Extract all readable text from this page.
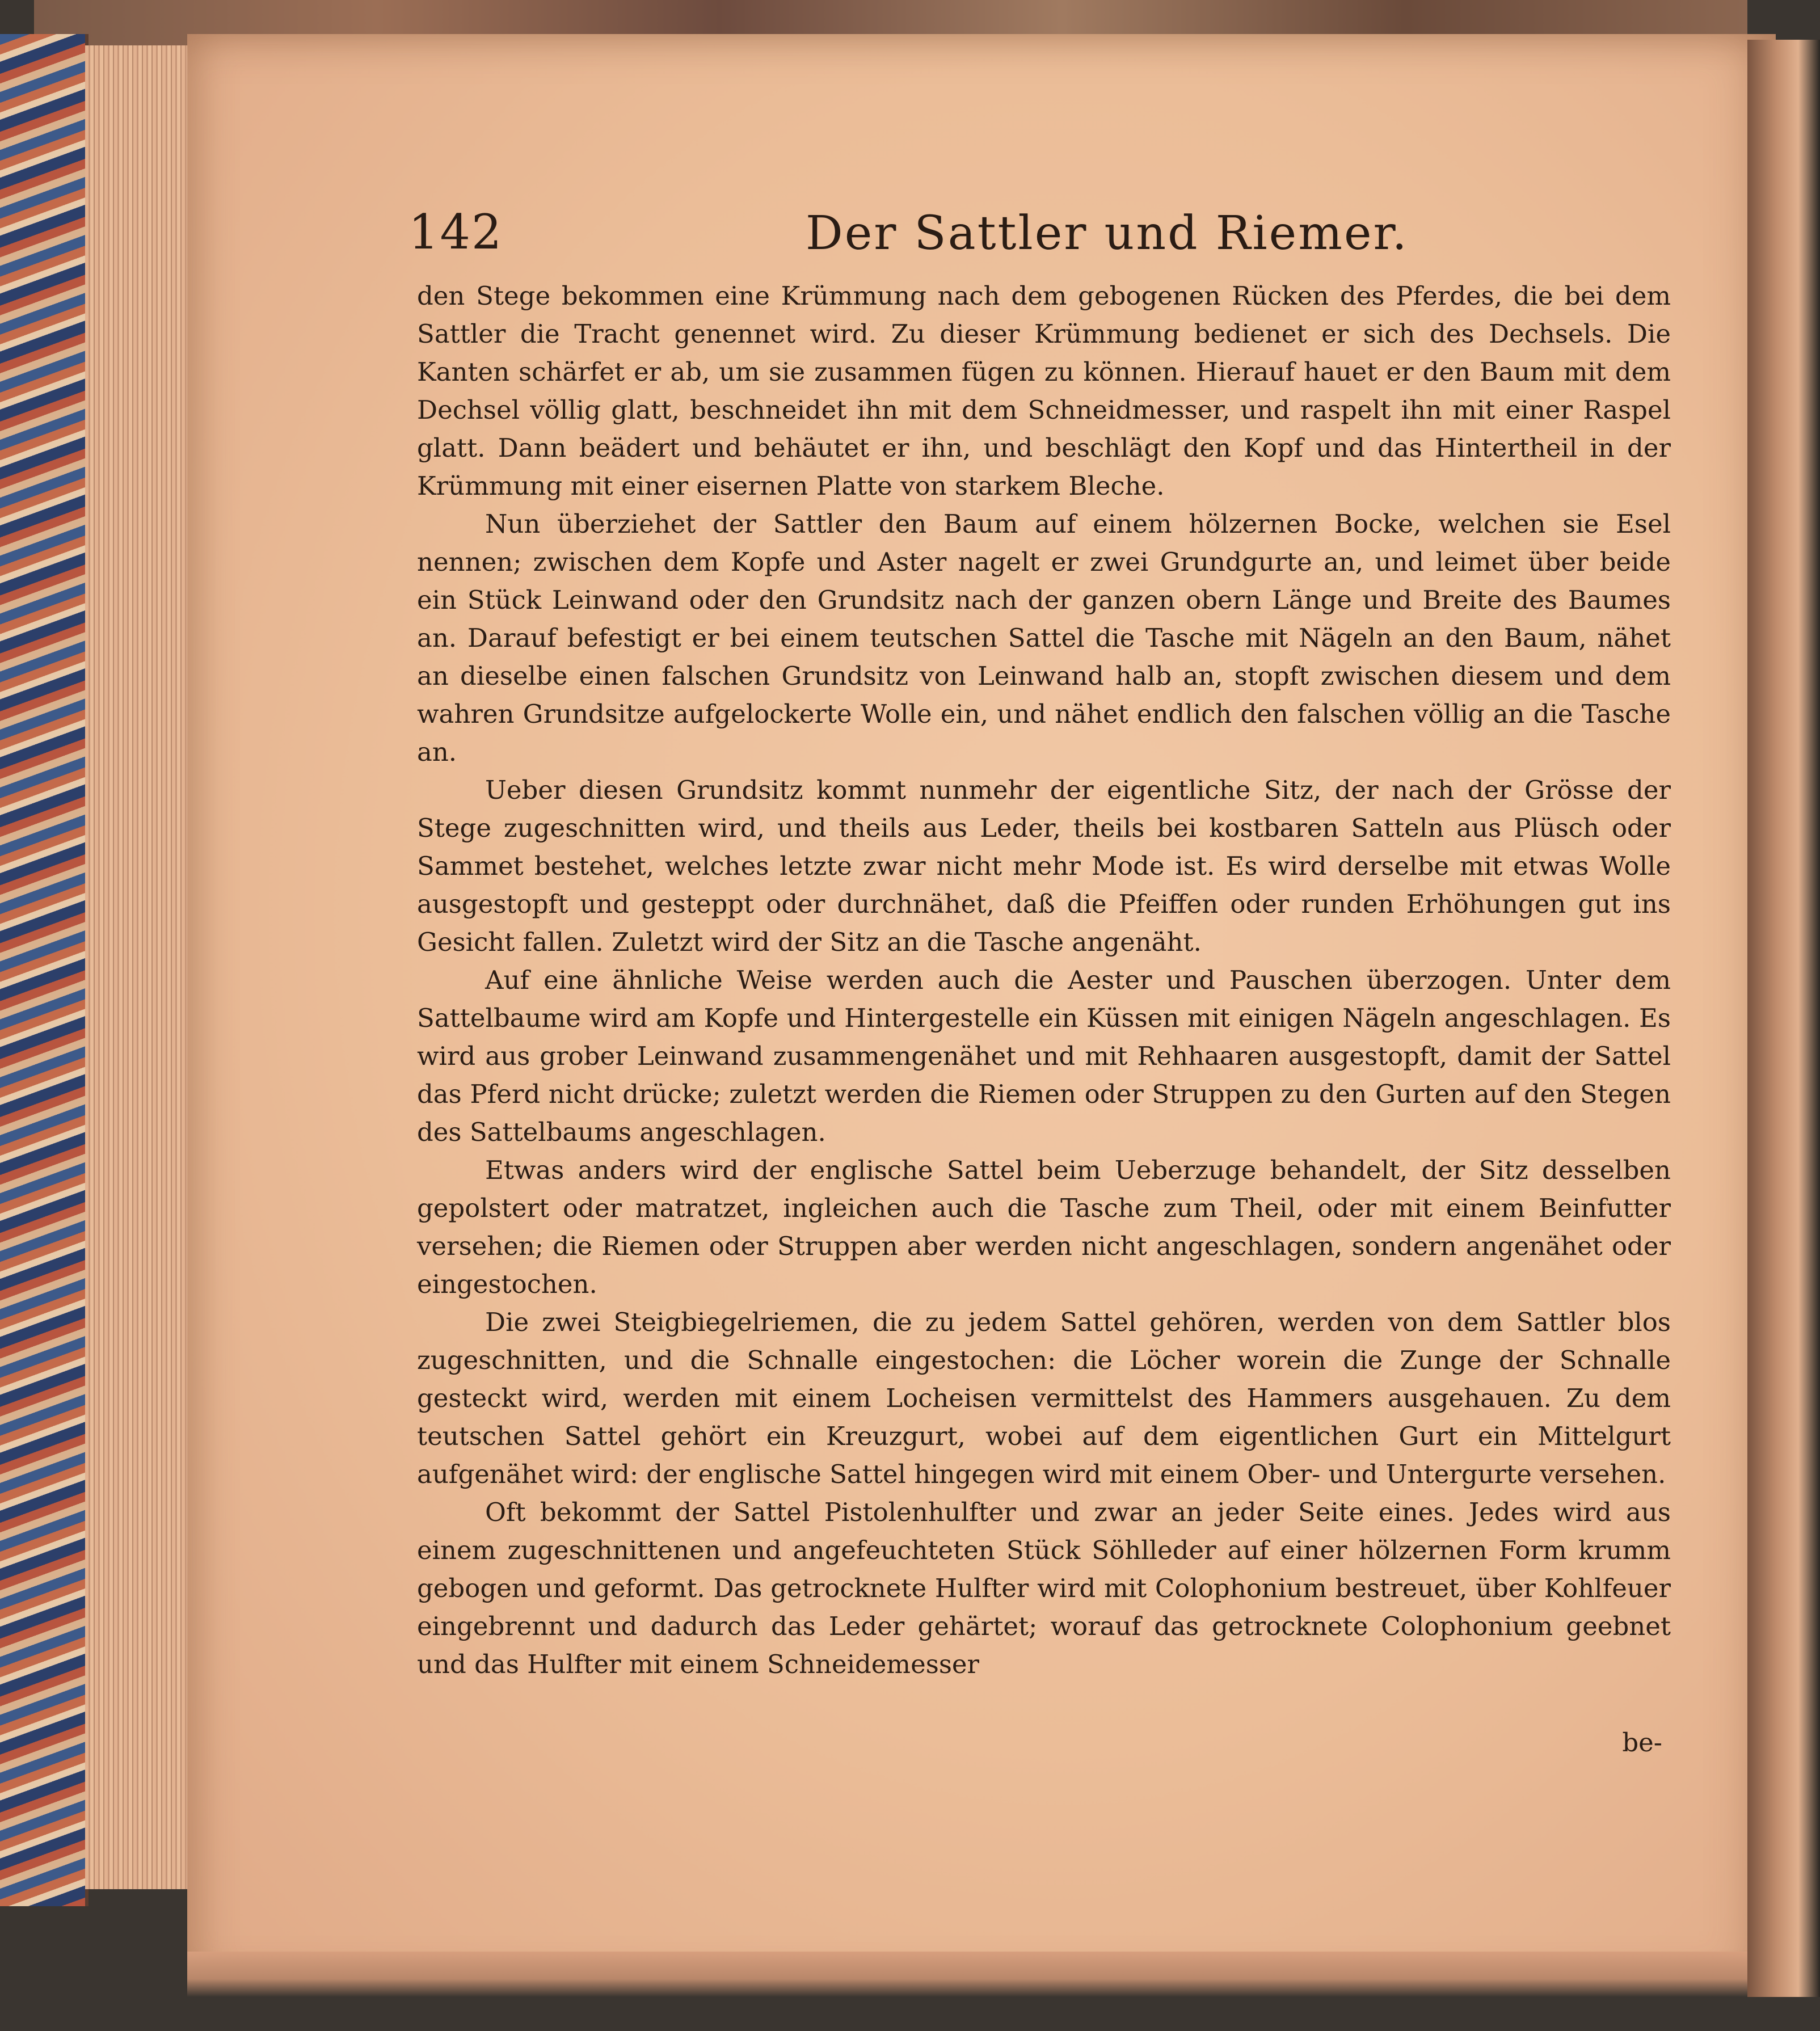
142	Der Sattler und Riemer.

den Stege bekommen eine Krümmung nach dem gebogenen Rücken des Pferdes, die bei dem Sattler die Tracht genennet wird. Zu dieser Krümmung bedienet er sich des Dechsels. Die Kanten schärfet er ab, um sie zusammen fügen zu können. Hierauf hauet er den Baum mit dem Dechsel völlig glatt, beschneidet ihn mit dem Schneidmesser, und raspelt ihn mit einer Raspel glatt. Dann beädert und behäutet er ihn, und beschlägt den Kopf und das Hintertheil in der Krümmung mit einer eisernen Platte von starkem Bleche.

Nun überziehet der Sattler den Baum auf einem hölzernen Bocke, welchen sie Esel nennen; zwischen dem Kopfe und Aster nagelt er zwei Grundgurte an, und leimet über beide ein Stück Leinwand oder den Grundsitz nach der ganzen obern Länge und Breite des Baumes an. Darauf befestigt er bei einem teutschen Sattel die Tasche mit Nägeln an den Baum, nähet an dieselbe einen falschen Grundsitz von Leinwand halb an, stopft zwischen diesem und dem wahren Grundsitze aufgelockerte Wolle ein, und nähet endlich den falschen völlig an die Tasche an.

Ueber diesen Grundsitz kommt nunmehr der eigentliche Sitz, der nach der Grösse der Stege zugeschnitten wird, und theils aus Leder, theils bei kostbaren Satteln aus Plüsch oder Sammet bestehet, welches letzte zwar nicht mehr Mode ist. Es wird derselbe mit etwas Wolle ausgestopft und gesteppt oder durchnähet, daß die Pfeiffen oder runden Erhöhungen gut ins Gesicht fallen. Zuletzt wird der Sitz an die Tasche angenäht.

Auf eine ähnliche Weise werden auch die Aester und Pauschen überzogen. Unter dem Sattelbaume wird am Kopfe und Hintergestelle ein Küssen mit einigen Nägeln angeschlagen. Es wird aus grober Leinwand zusammengenähet und mit Rehhaaren ausgestopft, damit der Sattel das Pferd nicht drücke; zuletzt werden die Riemen oder Struppen zu den Gurten auf den Stegen des Sattelbaums angeschlagen.

Etwas anders wird der englische Sattel beim Ueberzuge behandelt, der Sitz desselben gepolstert oder matratzet, ingleichen auch die Tasche zum Theil, oder mit einem Beinfutter versehen; die Riemen oder Struppen aber werden nicht angeschlagen, sondern angenähet oder eingestochen.

Die zwei Steigbiegelriemen, die zu jedem Sattel gehören, werden von dem Sattler blos zugeschnitten, und die Schnalle eingestochen: die Löcher worein die Zunge der Schnalle gesteckt wird, werden mit einem Locheisen vermittelst des Hammers ausgehauen. Zu dem teutschen Sattel gehört ein Kreuzgurt, wobei auf dem eigentlichen Gurt ein Mittelgurt aufgenähet wird: der englische Sattel hingegen wird mit einem Ober- und Untergurte versehen.

Oft bekommt der Sattel Pistolenhulfter und zwar an jeder Seite eines. Jedes wird aus einem zugeschnittenen und angefeuchteten Stück Söhlleder auf einer hölzernen Form krumm gebogen und geformt. Das getrocknete Hulfter wird mit Colophonium bestreuet, über Kohlfeuer eingebrennt und dadurch das Leder gehärtet; worauf das getrocknete Colophonium geebnet und das Hulfter mit einem Schneidemesser

be-
